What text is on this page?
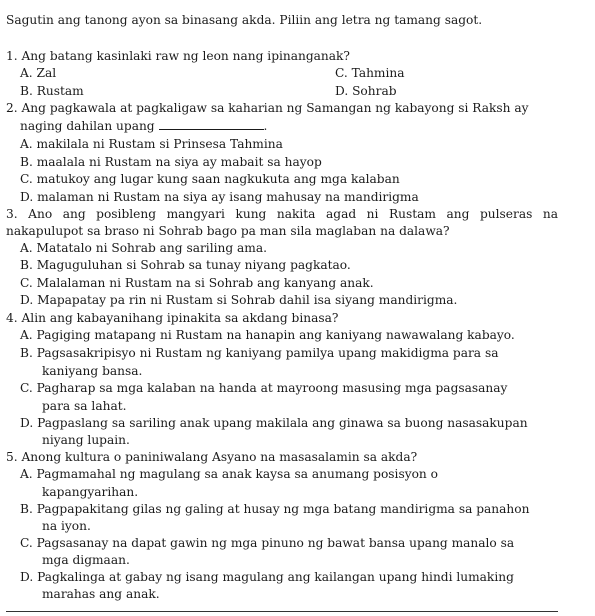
Sagutin ang tanong ayon sa binasang akda. Piliin ang letra ng tamang sagot.
1. Ang batang kasinlaki raw ng leon nang ipinanganak?
A. Zal	C. Tahmina
B. Rustam	D. Sohrab
2. Ang pagkawala at pagkaligaw sa kaharian ng Samangan ng kabayong si Raksh ay
naging dahilan upang	.
A. makilala ni Rustam si Prinsesa Tahmina
B. maalala ni Rustam na siya ay mabait sa hayop
C. matukoy ang lugar kung saan nagkukuta ang mga kalaban
D. malaman ni Rustam na siya ay isang mahusay na mandirigma
3. Ano ang posibleng mangyari kung nakita agad ni Rustam ang pulseras na
nakapulupot sa braso ni Sohrab bago pa man sila maglaban na dalawa?
A. Matatalo ni Sohrab ang sariling ama.
B. Maguguluhan si Sohrab sa tunay niyang pagkatao.
C. Malalaman ni Rustam na si Sohrab ang kanyang anak.
D. Mapapatay pa rin ni Rustam si Sohrab dahil isa siyang mandirigma.
4. Alin ang kabayanihang ipinakita sa akdang binasa?
A. Pagiging matapang ni Rustam na hanapin ang kaniyang nawawalang kabayo.
B. Pagsasakripisyo ni Rustam ng kaniyang pamilya upang makidigma para sa
kaniyang bansa.
C. Pagharap sa mga kalaban na handa at mayroong masusing mga pagsasanay
para sa lahat.
D. Pagpaslang sa sariling anak upang makilala ang ginawa sa buong nasasakupan
niyang lupain.
5. Anong kultura o paniniwalang Asyano na masasalamin sa akda?
A. Pagmamahal ng magulang sa anak kaysa sa anumang posisyon o
kapangyarihan.
B. Pagpapakitang gilas ng galing at husay ng mga batang mandirigma sa panahon
na iyon.
C. Pagsasanay na dapat gawin ng mga pinuno ng bawat bansa upang manalo sa
mga digmaan.
D. Pagkalinga at gabay ng isang magulang ang kailangan upang hindi lumaking
marahas ang anak.
